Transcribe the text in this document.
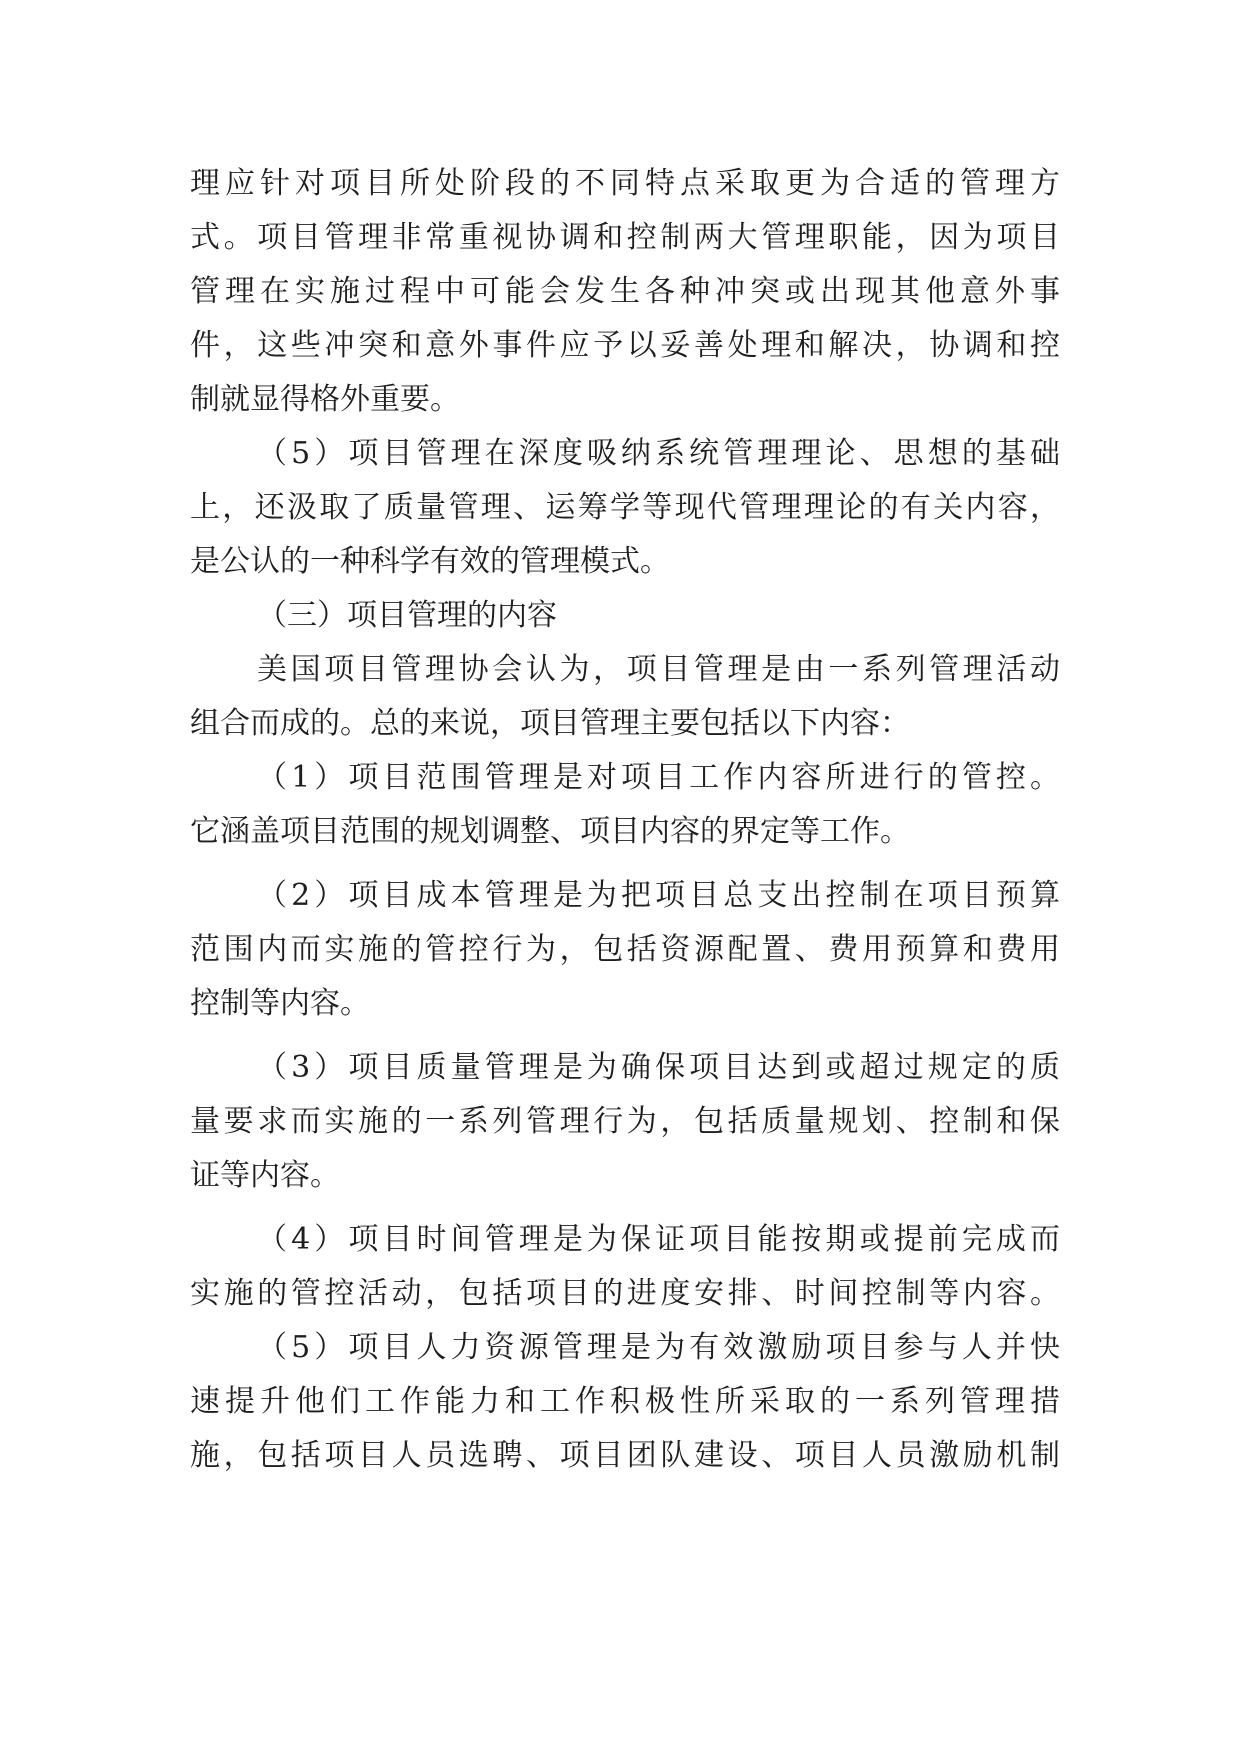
理应针对项目所处阶段的不同特点采取更为合适的管理方
式。项目管理非常重视协调和控制两大管理职能，因为项目
管理在实施过程中可能会发生各种冲突或出现其他意外事
件，这些冲突和意外事件应予以妥善处理和解决，协调和控
制就显得格外重要。
（5）项目管理在深度吸纳系统管理理论、思想的基础
上，还汲取了质量管理、运筹学等现代管理理论的有关内容，
是公认的一种科学有效的管理模式。
（三）项目管理的内容
美国项目管理协会认为，项目管理是由一系列管理活动
组合而成的。总的来说，项目管理主要包括以下内容：
（1）项目范围管理是对项目工作内容所进行的管控。
它涵盖项目范围的规划调整、项目内容的界定等工作。
（2）项目成本管理是为把项目总支出控制在项目预算
范围内而实施的管控行为，包括资源配置、费用预算和费用
控制等内容。
（3）项目质量管理是为确保项目达到或超过规定的质
量要求而实施的一系列管理行为，包括质量规划、控制和保
证等内容。
（4）项目时间管理是为保证项目能按期或提前完成而
实施的管控活动，包括项目的进度安排、时间控制等内容。
（5）项目人力资源管理是为有效激励项目参与人并快
速提升他们工作能力和工作积极性所采取的一系列管理措
施，包括项目人员选聘、项目团队建设、项目人员激励机制
